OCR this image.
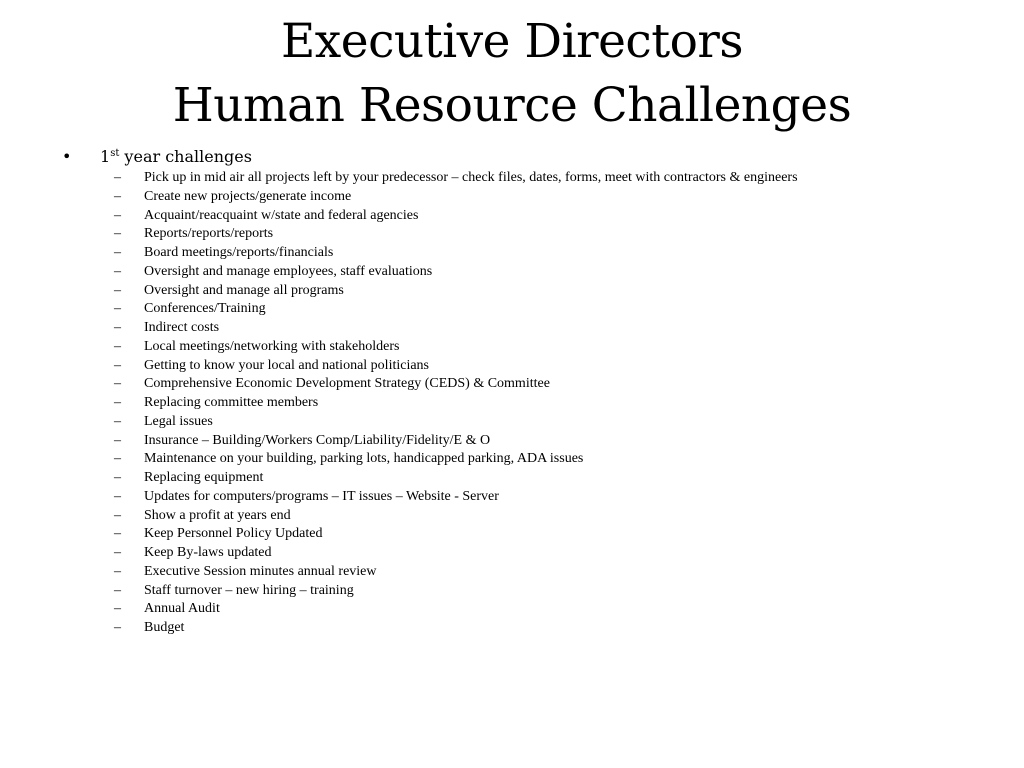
Executive Directors
Human Resource Challenges
• 1st year challenges
–	Pick up in mid air all projects left by your predecessor – check files, dates, forms, meet with contractors & engineers
–	Create new projects/generate income
–	Acquaint/reacquaint w/state and federal agencies
–	Reports/reports/reports
–	Board meetings/reports/financials
–	Oversight and manage employees, staff evaluations
–	Oversight and manage all programs
–	Conferences/Training
–	Indirect costs
–	Local meetings/networking with stakeholders
–	Getting to know your local and national politicians
–	Comprehensive Economic Development Strategy (CEDS) & Committee
–	Replacing committee members
–	Legal issues
–	Insurance – Building/Workers Comp/Liability/Fidelity/E & O
–	Maintenance on your building, parking lots, handicapped parking, ADA issues
–	Replacing equipment
–	Updates for computers/programs – IT issues – Website - Server
–	Show a profit at years end
–	Keep Personnel Policy Updated
–	Keep By-laws updated
–	Executive Session minutes annual review
–	Staff turnover – new hiring – training
–	Annual Audit
–	Budget
